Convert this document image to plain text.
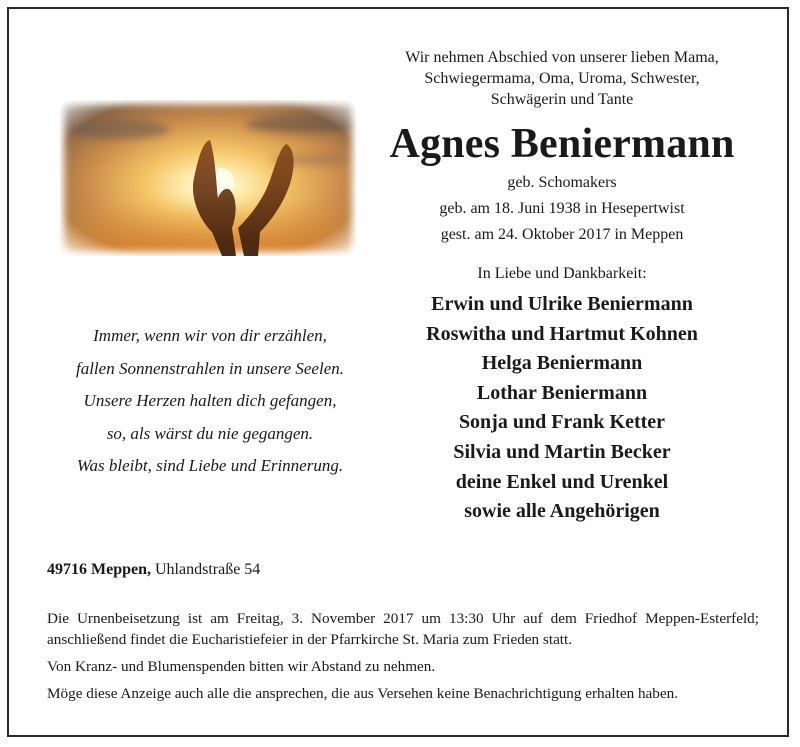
Wir nehmen Abschied von unserer lieben Mama,
Schwiegermama, Oma, Uroma, Schwester,
Schwägerin und Tante
Agnes Beniermann
geb. Schomakers
geb. am 18. Juni 1938 in Hesepertwist
gest. am 24. Oktober 2017 in Meppen
In Liebe und Dankbarkeit:
Erwin und Ulrike Beniermann
Roswitha und Hartmut Kohnen
Helga Beniermann
Lothar Beniermann
Sonja und Frank Ketter
Silvia und Martin Becker
deine Enkel und Urenkel
sowie alle Angehörigen
Immer, wenn wir von dir erzählen,
fallen Sonnenstrahlen in unsere Seelen.
Unsere Herzen halten dich gefangen,
so, als wärst du nie gegangen.
Was bleibt, sind Liebe und Erinnerung.
49716 Meppen, Uhlandstraße 54

Die Urnenbeisetzung ist am Freitag, 3. November 2017 um 13:30 Uhr auf dem Friedhof Meppen-Esterfeld; anschließend findet die Eucharistiefeier in der Pfarrkirche St. Maria zum Frieden statt.

Von Kranz- und Blumenspenden bitten wir Abstand zu nehmen.

Möge diese Anzeige auch alle die ansprechen, die aus Versehen keine Benachrichtigung erhalten haben.
